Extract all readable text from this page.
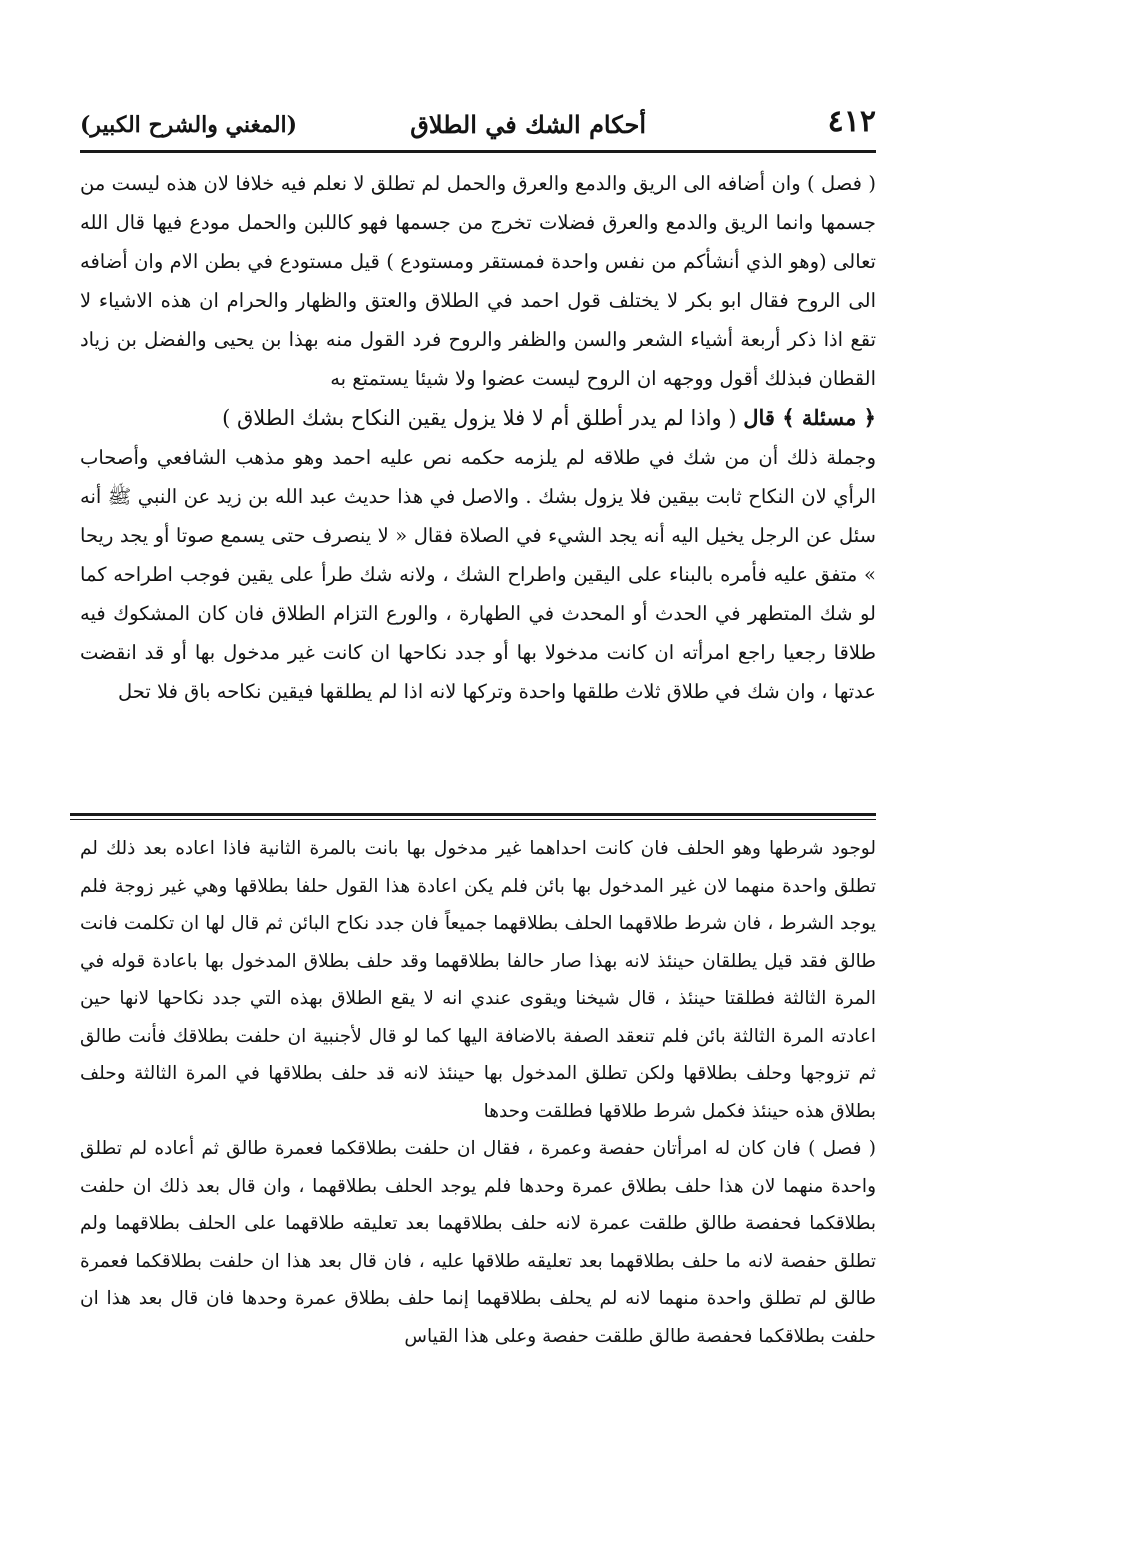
٤١٢
أحكام الشك في الطلاق
(المغني والشرح الكبير)

( فصل ) وان أضافه الى الريق والدمع والعرق والحمل لم تطلق لا نعلم فيه خلافا لان هذه ليست من جسمها وانما الريق والدمع والعرق فضلات تخرج من جسمها فهو كاللبن والحمل مودع فيها قال الله تعالى (وهو الذي أنشأكم من نفس واحدة فمستقر ومستودع ) قيل مستودع في بطن الام وان أضافه الى الروح فقال ابو بكر لا يختلف قول احمد في الطلاق والعتق والظهار والحرام ان هذه الاشياء لا تقع اذا ذكر أربعة أشياء الشعر والسن والظفر والروح فرد القول منه بهذا بن يحيى والفضل بن زياد القطان فبذلك أقول ووجهه ان الروح ليست عضوا ولا شيئا يستمتع به

﴿ مسئلة ﴾ قال ( واذا لم يدر أطلق أم لا فلا يزول يقين النكاح بشك الطلاق )

وجملة ذلك أن من شك في طلاقه لم يلزمه حكمه نص عليه احمد وهو مذهب الشافعي وأصحاب الرأي لان النكاح ثابت بيقين فلا يزول بشك . والاصل في هذا حديث عبد الله بن زيد عن النبي ﷺ أنه سئل عن الرجل يخيل اليه أنه يجد الشيء في الصلاة فقال « لا ينصرف حتى يسمع صوتا أو يجد ريحا » متفق عليه فأمره بالبناء على اليقين واطراح الشك ، ولانه شك طرأ على يقين فوجب اطراحه كما لو شك المتطهر في الحدث أو المحدث في الطهارة ، والورع التزام الطلاق فان كان المشكوك فيه طلاقا رجعيا راجع امرأته ان كانت مدخولا بها أو جدد نكاحها ان كانت غير مدخول بها أو قد انقضت عدتها ، وان شك في طلاق ثلاث طلقها واحدة وتركها لانه اذا لم يطلقها فيقين نكاحه باق فلا تحل

لوجود شرطها وهو الحلف فان كانت احداهما غير مدخول بها بانت بالمرة الثانية فاذا اعاده بعد ذلك لم تطلق واحدة منهما لان غير المدخول بها بائن فلم يكن اعادة هذا القول حلفا بطلاقها وهي غير زوجة فلم يوجد الشرط ، فان شرط طلاقهما الحلف بطلاقهما جميعاً فان جدد نكاح البائن ثم قال لها ان تكلمت فانت طالق فقد قيل يطلقان حينئذ لانه بهذا صار حالفا بطلاقهما وقد حلف بطلاق المدخول بها باعادة قوله في المرة الثالثة فطلقتا حينئذ ، قال شيخنا ويقوى عندي انه لا يقع الطلاق بهذه التي جدد نكاحها لانها حين اعادته المرة الثالثة بائن فلم تنعقد الصفة بالاضافة اليها كما لو قال لأجنبية ان حلفت بطلاقك فأنت طالق ثم تزوجها وحلف بطلاقها ولكن تطلق المدخول بها حينئذ لانه قد حلف بطلاقها في المرة الثالثة وحلف بطلاق هذه حينئذ فكمل شرط طلاقها فطلقت وحدها

( فصل ) فان كان له امرأتان حفصة وعمرة ، فقال ان حلفت بطلاقكما فعمرة طالق ثم أعاده لم تطلق واحدة منهما لان هذا حلف بطلاق عمرة وحدها فلم يوجد الحلف بطلاقهما ، وان قال بعد ذلك ان حلفت بطلاقكما فحفصة طالق طلقت عمرة لانه حلف بطلاقهما بعد تعليقه طلاقهما على الحلف بطلاقهما ولم تطلق حفصة لانه ما حلف بطلاقهما بعد تعليقه طلاقها عليه ، فان قال بعد هذا ان حلفت بطلاقكما فعمرة طالق لم تطلق واحدة منهما لانه لم يحلف بطلاقهما إنما حلف بطلاق عمرة وحدها فان قال بعد هذا ان حلفت بطلاقكما فحفصة طالق طلقت حفصة وعلى هذا القياس
